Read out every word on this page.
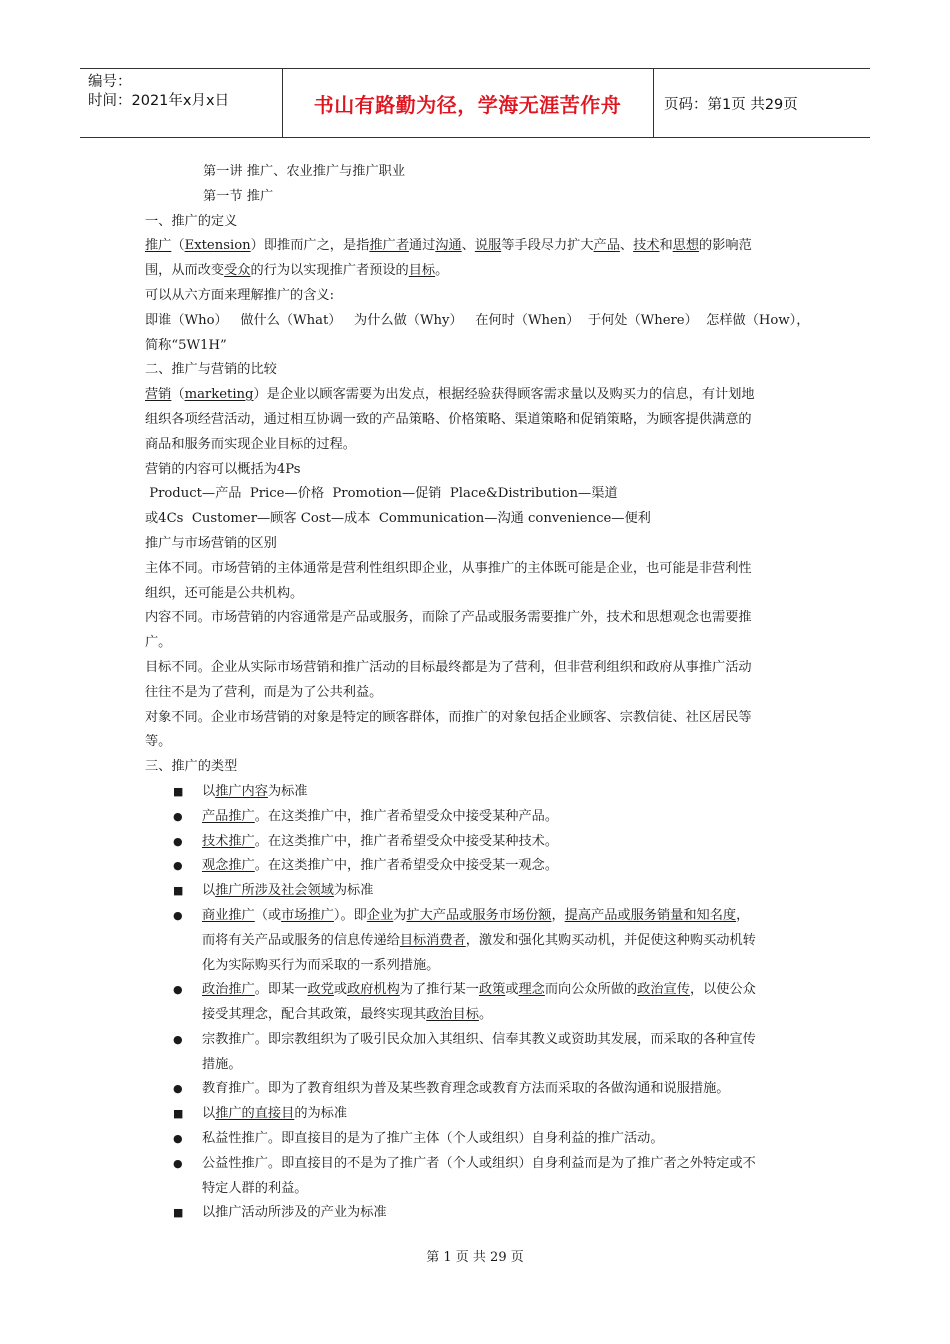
编号：
时间：2021年x月x日	书山有路勤为径，学海无涯苦作舟	页码：第1页 共29页
第一讲 推广、农业推广与推广职业
第一节 推广
一、推广的定义
推广（Extension）即推而广之，是指推广者通过沟通、说服等手段尽力扩大产品、技术和思想的影响范
围，从而改变受众的行为以实现推广者预设的目标。
可以从六方面来理解推广的含义:
即谁（Who）   做什么（What）   为什么做（Why）   在何时（When）  于何处（Where）  怎样做（How），
简称“5W1H”
二、推广与营销的比较
营销（marketing）是企业以顾客需要为出发点，根据经验获得顾客需求量以及购买力的信息，有计划地
组织各项经营活动，通过相互协调一致的产品策略、价格策略、渠道策略和促销策略，为顾客提供满意的
商品和服务而实现企业目标的过程。
营销的内容可以概括为4Ps
Product—产品  Price—价格  Promotion—促销  Place&Distribution—渠道
或4Cs  Customer—顾客 Cost—成本  Communication—沟通 convenience—便利
推广与市场营销的区别
主体不同。市场营销的主体通常是营利性组织即企业，从事推广的主体既可能是企业，也可能是非营利性
组织，还可能是公共机构。
内容不同。市场营销的内容通常是产品或服务，而除了产品或服务需要推广外，技术和思想观念也需要推
广。
目标不同。企业从实际市场营销和推广活动的目标最终都是为了营利，但非营利组织和政府从事推广活动
往往不是为了营利，而是为了公共利益。
对象不同。企业市场营销的对象是特定的顾客群体，而推广的对象包括企业顾客、宗教信徒、社区居民等
等。
三、推广的类型
■ 以推广内容为标准
● 产品推广。在这类推广中，推广者希望受众中接受某种产品。
● 技术推广。在这类推广中，推广者希望受众中接受某种技术。
● 观念推广。在这类推广中，推广者希望受众中接受某一观念。
■ 以推广所涉及社会领域为标准
● 商业推广（或市场推广）。即企业为扩大产品或服务市场份额，提高产品或服务销量和知名度，
而将有关产品或服务的信息传递给目标消费者，激发和强化其购买动机，并促使这种购买动机转
化为实际购买行为而采取的一系列措施。
● 政治推广。即某一政党或政府机构为了推行某一政策或理念而向公众所做的政治宣传，以使公众
接受其理念，配合其政策，最终实现其政治目标。
● 宗教推广。即宗教组织为了吸引民众加入其组织、信奉其教义或资助其发展，而采取的各种宣传
措施。
● 教育推广。即为了教育组织为普及某些教育理念或教育方法而采取的各做沟通和说服措施。
■ 以推广的直接目的为标准
● 私益性推广。即直接目的是为了推广主体（个人或组织）自身利益的推广活动。
● 公益性推广。即直接目的不是为了推广者（个人或组织）自身利益而是为了推广者之外特定或不
特定人群的利益。
■ 以推广活动所涉及的产业为标准
第 1 页 共 29 页
